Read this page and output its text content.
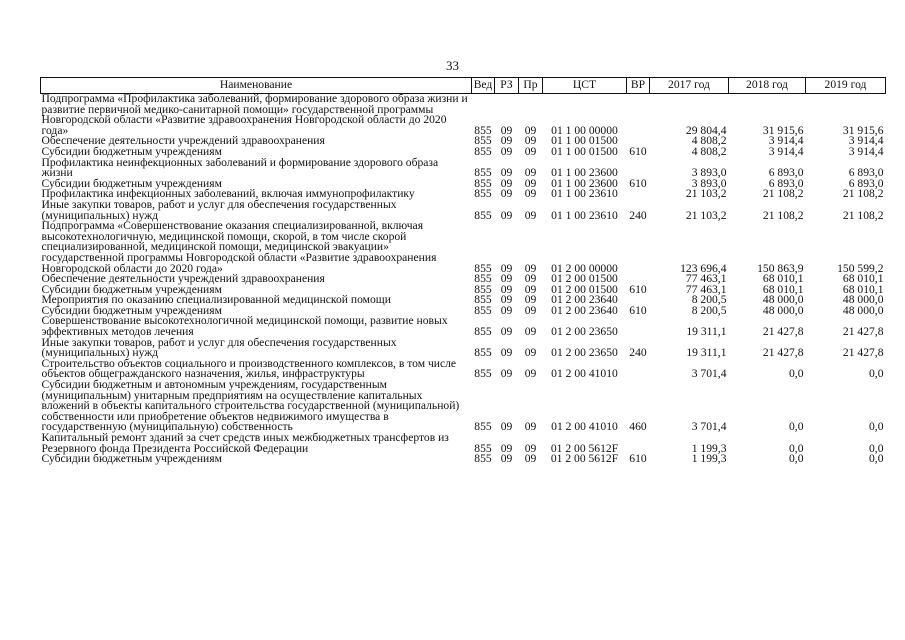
33
Наименование	Вед	РЗ	Пр	ЦСТ	ВР	2017 год	2018 год	2019 год
Подпрограмма «Профилактика заболеваний, формирование здорового образа жизни и развитие первичной медико-санитарной помощи» государственной программы Новгородской области «Развитие здравоохранения Новгородской области до 2020 года»	855	09	09	01 1 00 00000		29 804,4	31 915,6	31 915,6
Обеспечение деятельности учреждений здравоохранения	855	09	09	01 1 00 01500		4 808,2	3 914,4	3 914,4
Субсидии бюджетным учреждениям	855	09	09	01 1 00 01500	610	4 808,2	3 914,4	3 914,4
Профилактика неинфекционных заболеваний и формирование здорового образа жизни	855	09	09	01 1 00 23600		3 893,0	6 893,0	6 893,0
Субсидии бюджетным учреждениям	855	09	09	01 1 00 23600	610	3 893,0	6 893,0	6 893,0
Профилактика инфекционных заболеваний, включая иммунопрофилактику	855	09	09	01 1 00 23610		21 103,2	21 108,2	21 108,2
Иные закупки товаров, работ и услуг для обеспечения государственных (муниципальных) нужд	855	09	09	01 1 00 23610	240	21 103,2	21 108,2	21 108,2
Подпрограмма «Совершенствование оказания специализированной, включая высокотехнологичную, медицинской помощи, скорой, в том числе скорой специализированной, медицинской помощи, медицинской эвакуации» государственной программы Новгородской области «Развитие здравоохранения Новгородской области до 2020 года»	855	09	09	01 2 00 00000		123 696,4	150 863,9	150 599,2
Обеспечение деятельности учреждений здравоохранения	855	09	09	01 2 00 01500		77 463,1	68 010,1	68 010,1
Субсидии бюджетным учреждениям	855	09	09	01 2 00 01500	610	77 463,1	68 010,1	68 010,1
Мероприятия по оказанию специализированной медицинской помощи	855	09	09	01 2 00 23640		8 200,5	48 000,0	48 000,0
Субсидии бюджетным учреждениям	855	09	09	01 2 00 23640	610	8 200,5	48 000,0	48 000,0
Совершенствование высокотехнологичной медицинской помощи, развитие новых эффективных методов лечения	855	09	09	01 2 00 23650		19 311,1	21 427,8	21 427,8
Иные закупки товаров, работ и услуг для обеспечения государственных (муниципальных) нужд	855	09	09	01 2 00 23650	240	19 311,1	21 427,8	21 427,8
Строительство объектов социального и производственного комплексов, в том числе объектов общегражданского назначения, жилья, инфраструктуры	855	09	09	01 2 00 41010		3 701,4	0,0	0,0
Субсидии бюджетным и автономным учреждениям, государственным (муниципальным) унитарным предприятиям на осуществление капитальных вложений в объекты капитального строительства государственной (муниципальной) собственности или приобретение объектов недвижимого имущества в государственную (муниципальную) собственность	855	09	09	01 2 00 41010	460	3 701,4	0,0	0,0
Капитальный ремонт зданий за счет средств иных межбюджетных трансфертов из Резервного фонда Президента Российской Федерации	855	09	09	01 2 00 5612F		1 199,3	0,0	0,0
Субсидии бюджетным учреждениям	855	09	09	01 2 00 5612F	610	1 199,3	0,0	0,0
